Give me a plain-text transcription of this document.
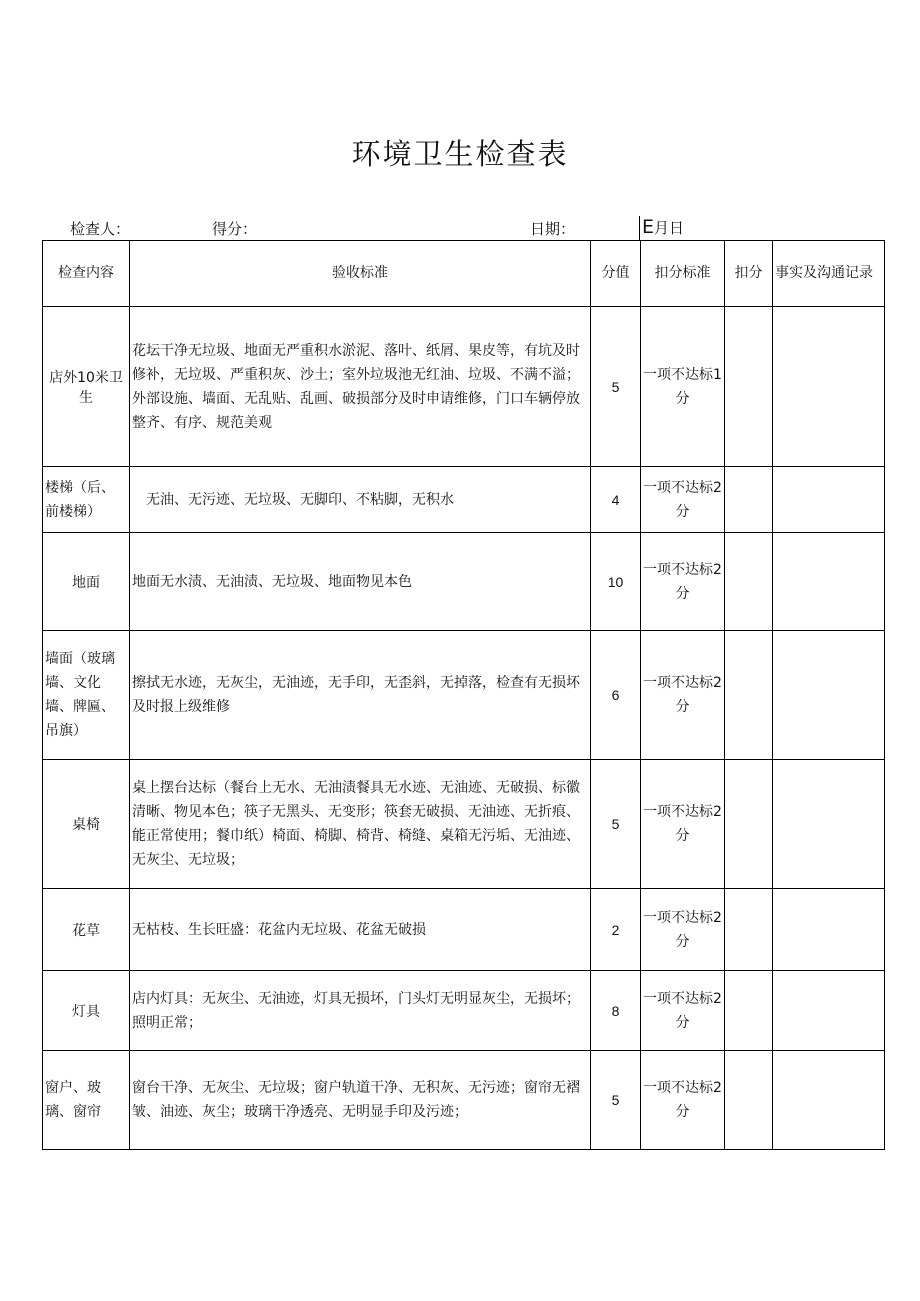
环境卫生检查表
检查人：	得分：	日期：	E月日
检查内容	验收标准	分值	扣分标准	扣分	事实及沟通记录
店外10米卫生	花坛干净无垃圾、地面无严重积水淤泥、落叶、纸屑、果皮等，有坑及时修补，无垃圾、严重积灰、沙土；室外垃圾池无红油、垃圾、不满不溢；外部设施、墙面、无乱贴、乱画、破损部分及时申请维修，门口车辆停放整齐、有序、规范美观	5	一项不达标1分		
楼梯（后、前楼梯）	无油、无污迹、无垃圾、无脚印、不粘脚，无积水	4	一项不达标2分		
地面	地面无水渍、无油渍、无垃圾、地面物见本色	10	一项不达标2分		
墙面（玻璃墙、文化墙、牌匾、吊旗）	擦拭无水迹，无灰尘，无油迹，无手印，无歪斜，无掉落，检查有无损坏及时报上级维修	6	一项不达标2分		
桌椅	桌上摆台达标（餐台上无水、无油渍餐具无水迹、无油迹、无破损、标徽清晰、物见本色；筷子无黑头、无变形；筷套无破损、无油迹、无折痕、能正常使用；餐巾纸）椅面、椅脚、椅背、椅缝、桌箱无污垢、无油迹、无灰尘、无垃圾；	5	一项不达标2分		
花草	无枯枝、生长旺盛：花盆内无垃圾、花盆无破损	2	一项不达标2分		
灯具	店内灯具：无灰尘、无油迹，灯具无损坏，门头灯无明显灰尘，无损坏；照明正常；	8	一项不达标2分		
窗户、玻璃、窗帘	窗台干净、无灰尘、无垃圾；窗户轨道干净、无积灰、无污迹；窗帘无褶皱、油迹、灰尘；玻璃干净透亮、无明显手印及污迹；	5	一项不达标2分		
